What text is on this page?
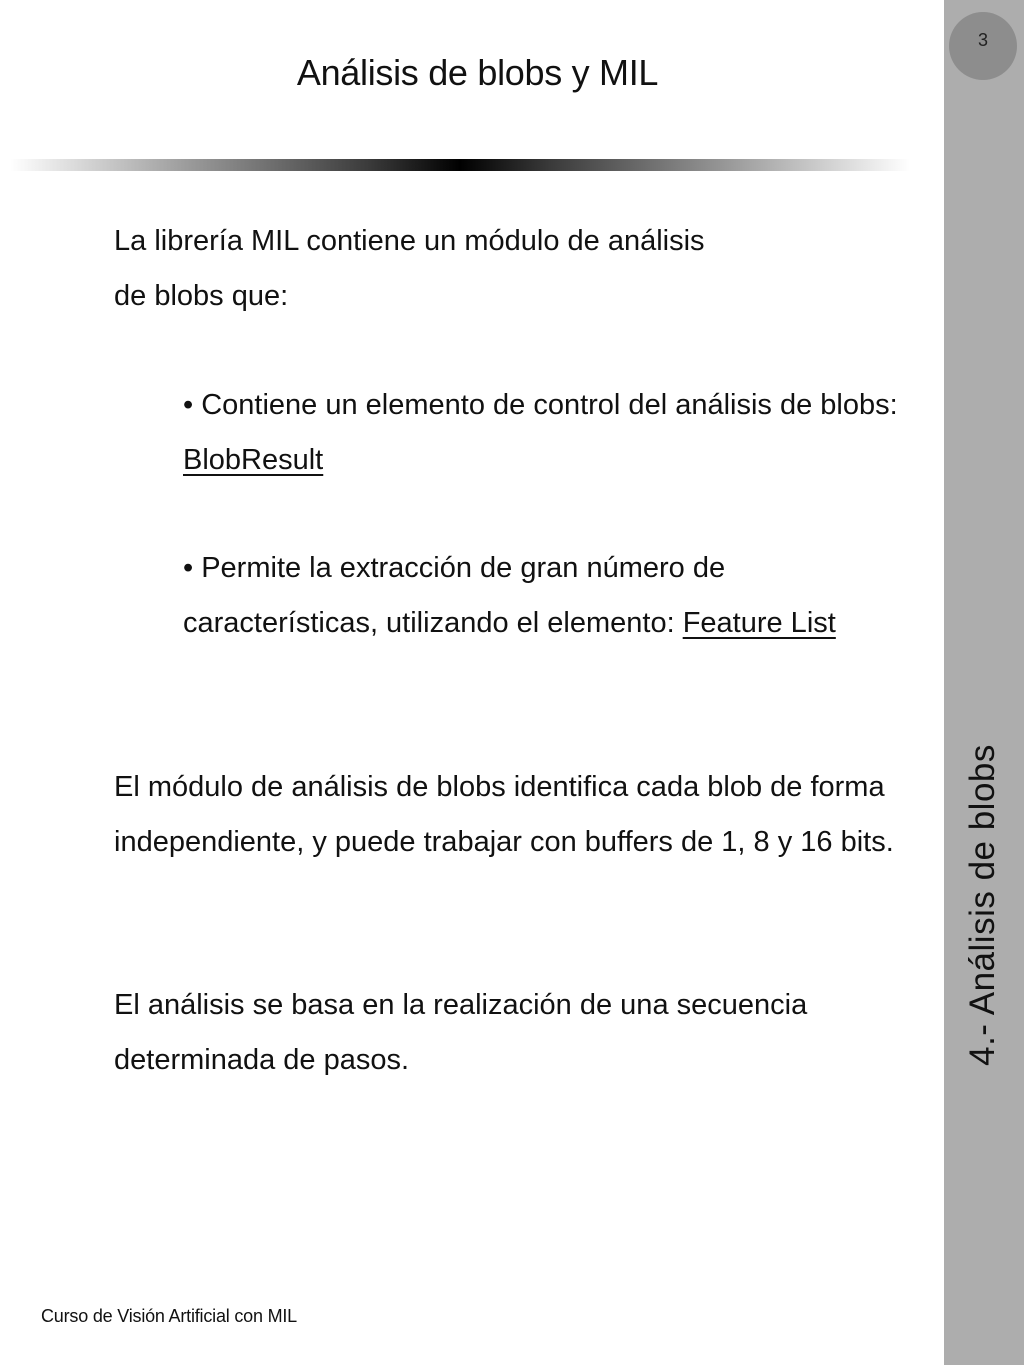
Análisis de blobs y MIL
3
4.- Análisis de blobs

La librería MIL contiene un módulo de análisis de blobs que:

• Contiene un elemento de control del análisis de blobs: BlobResult

• Permite la extracción de gran número de características, utilizando el elemento: Feature List

El módulo de análisis de blobs identifica cada blob de forma independiente, y puede trabajar con buffers de 1, 8 y 16 bits.

El análisis se basa en la realización de una secuencia determinada de pasos.

Curso de Visión Artificial con MIL
